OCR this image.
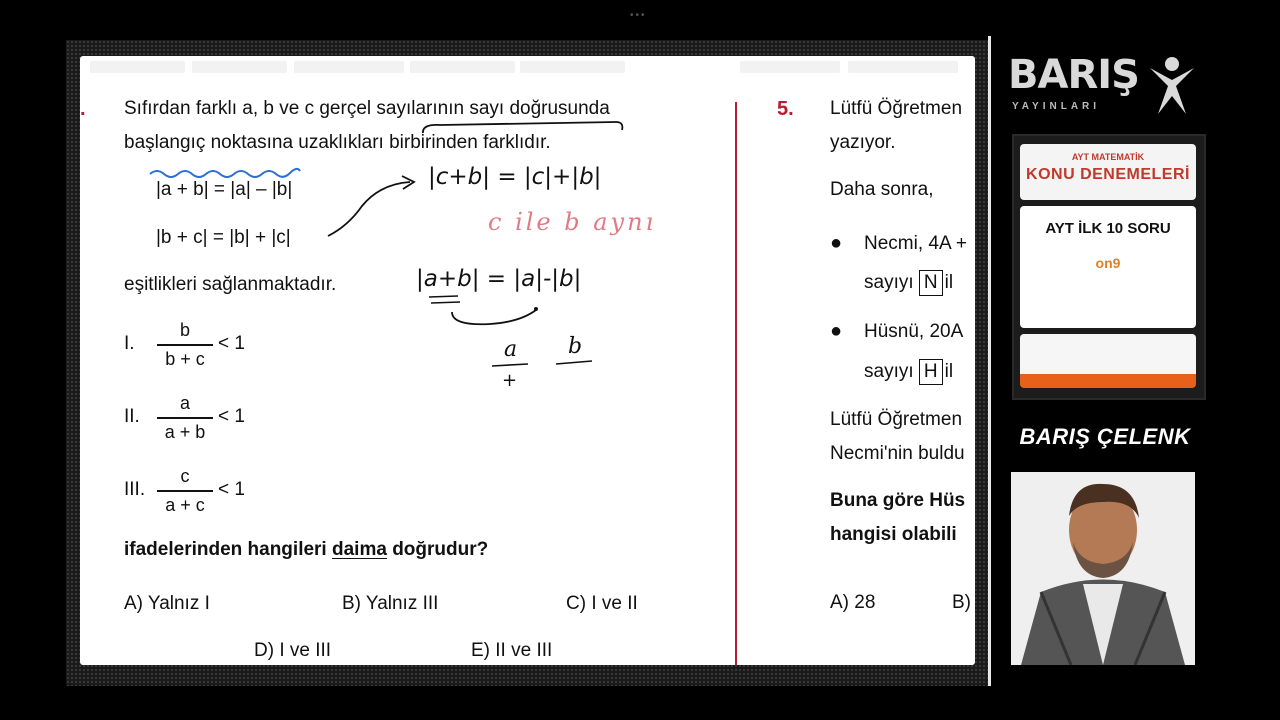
•••
. Sıfırdan farklı a, b ve c gerçel sayılarının sayı doğrusunda
başlangıç noktasına uzaklıkları birbirinden farklıdır.
|a + b| = |a| – |b|
|b + c| = |b| + |c|
eşitlikleri sağlanmaktadır.
I.
b
b + c
< 1
II.
a
a + b
< 1
III.
c
a + c
< 1
ifadelerinden hangileri daima doğrudur?
A) Yalnız I	B) Yalnız III	C) I ve II
D) I ve III	E) II ve III
|c+b| = |c|+|b|
c ile b aynı
|a+b| = |a|-|b|
a b
+
5. Lütfü Öğretmen
yazıyor.
Daha sonra,
● Necmi, 4A +
sayıyı N il
● Hüsnü, 20A
sayıyı H il
Lütfü Öğretmen
Necmi'nin buldu
Buna göre Hüs
hangisi olabili
A) 28	B)
BARIŞ
YAYINLARI
AYT MATEMATİK
KONU DENEMELERİ
AYT İLK 10 SORU
on9
BARIŞ ÇELENK
